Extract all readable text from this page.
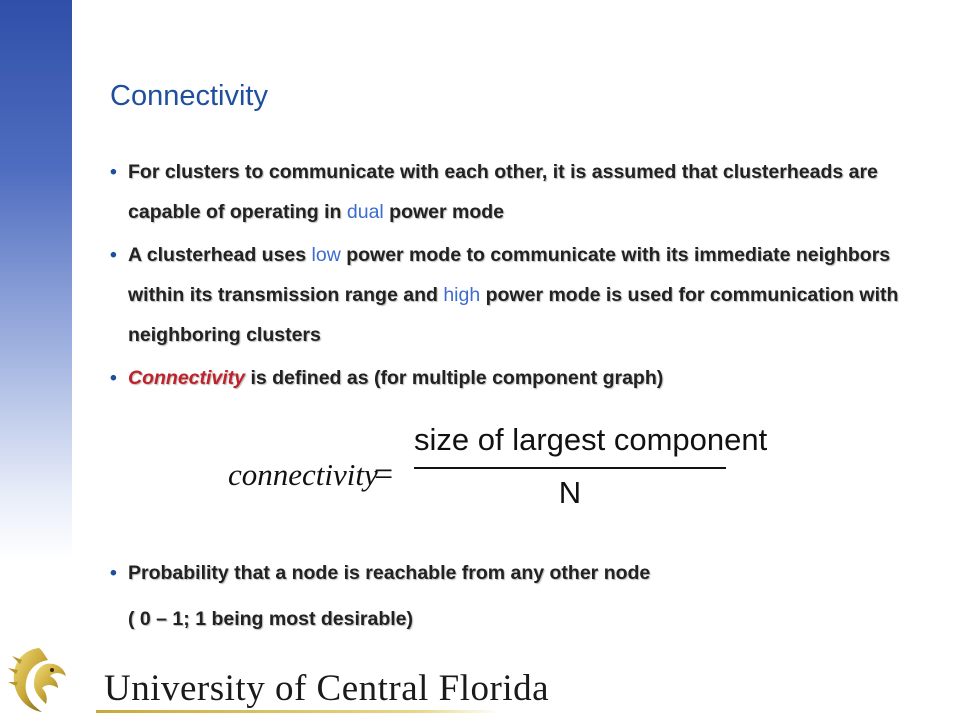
Connectivity
• For clusters to communicate with each other, it is assumed that clusterheads are capable of operating in dual power mode
• A clusterhead uses low power mode to communicate with its immediate neighbors within its transmission range and high power mode is used for communication with neighboring clusters
• Connectivity is defined as (for multiple component graph)
connectivity
=
size of largest component
N
• Probability that a node is reachable from any other node
( 0 – 1; 1 being most desirable)
University of Central Florida
